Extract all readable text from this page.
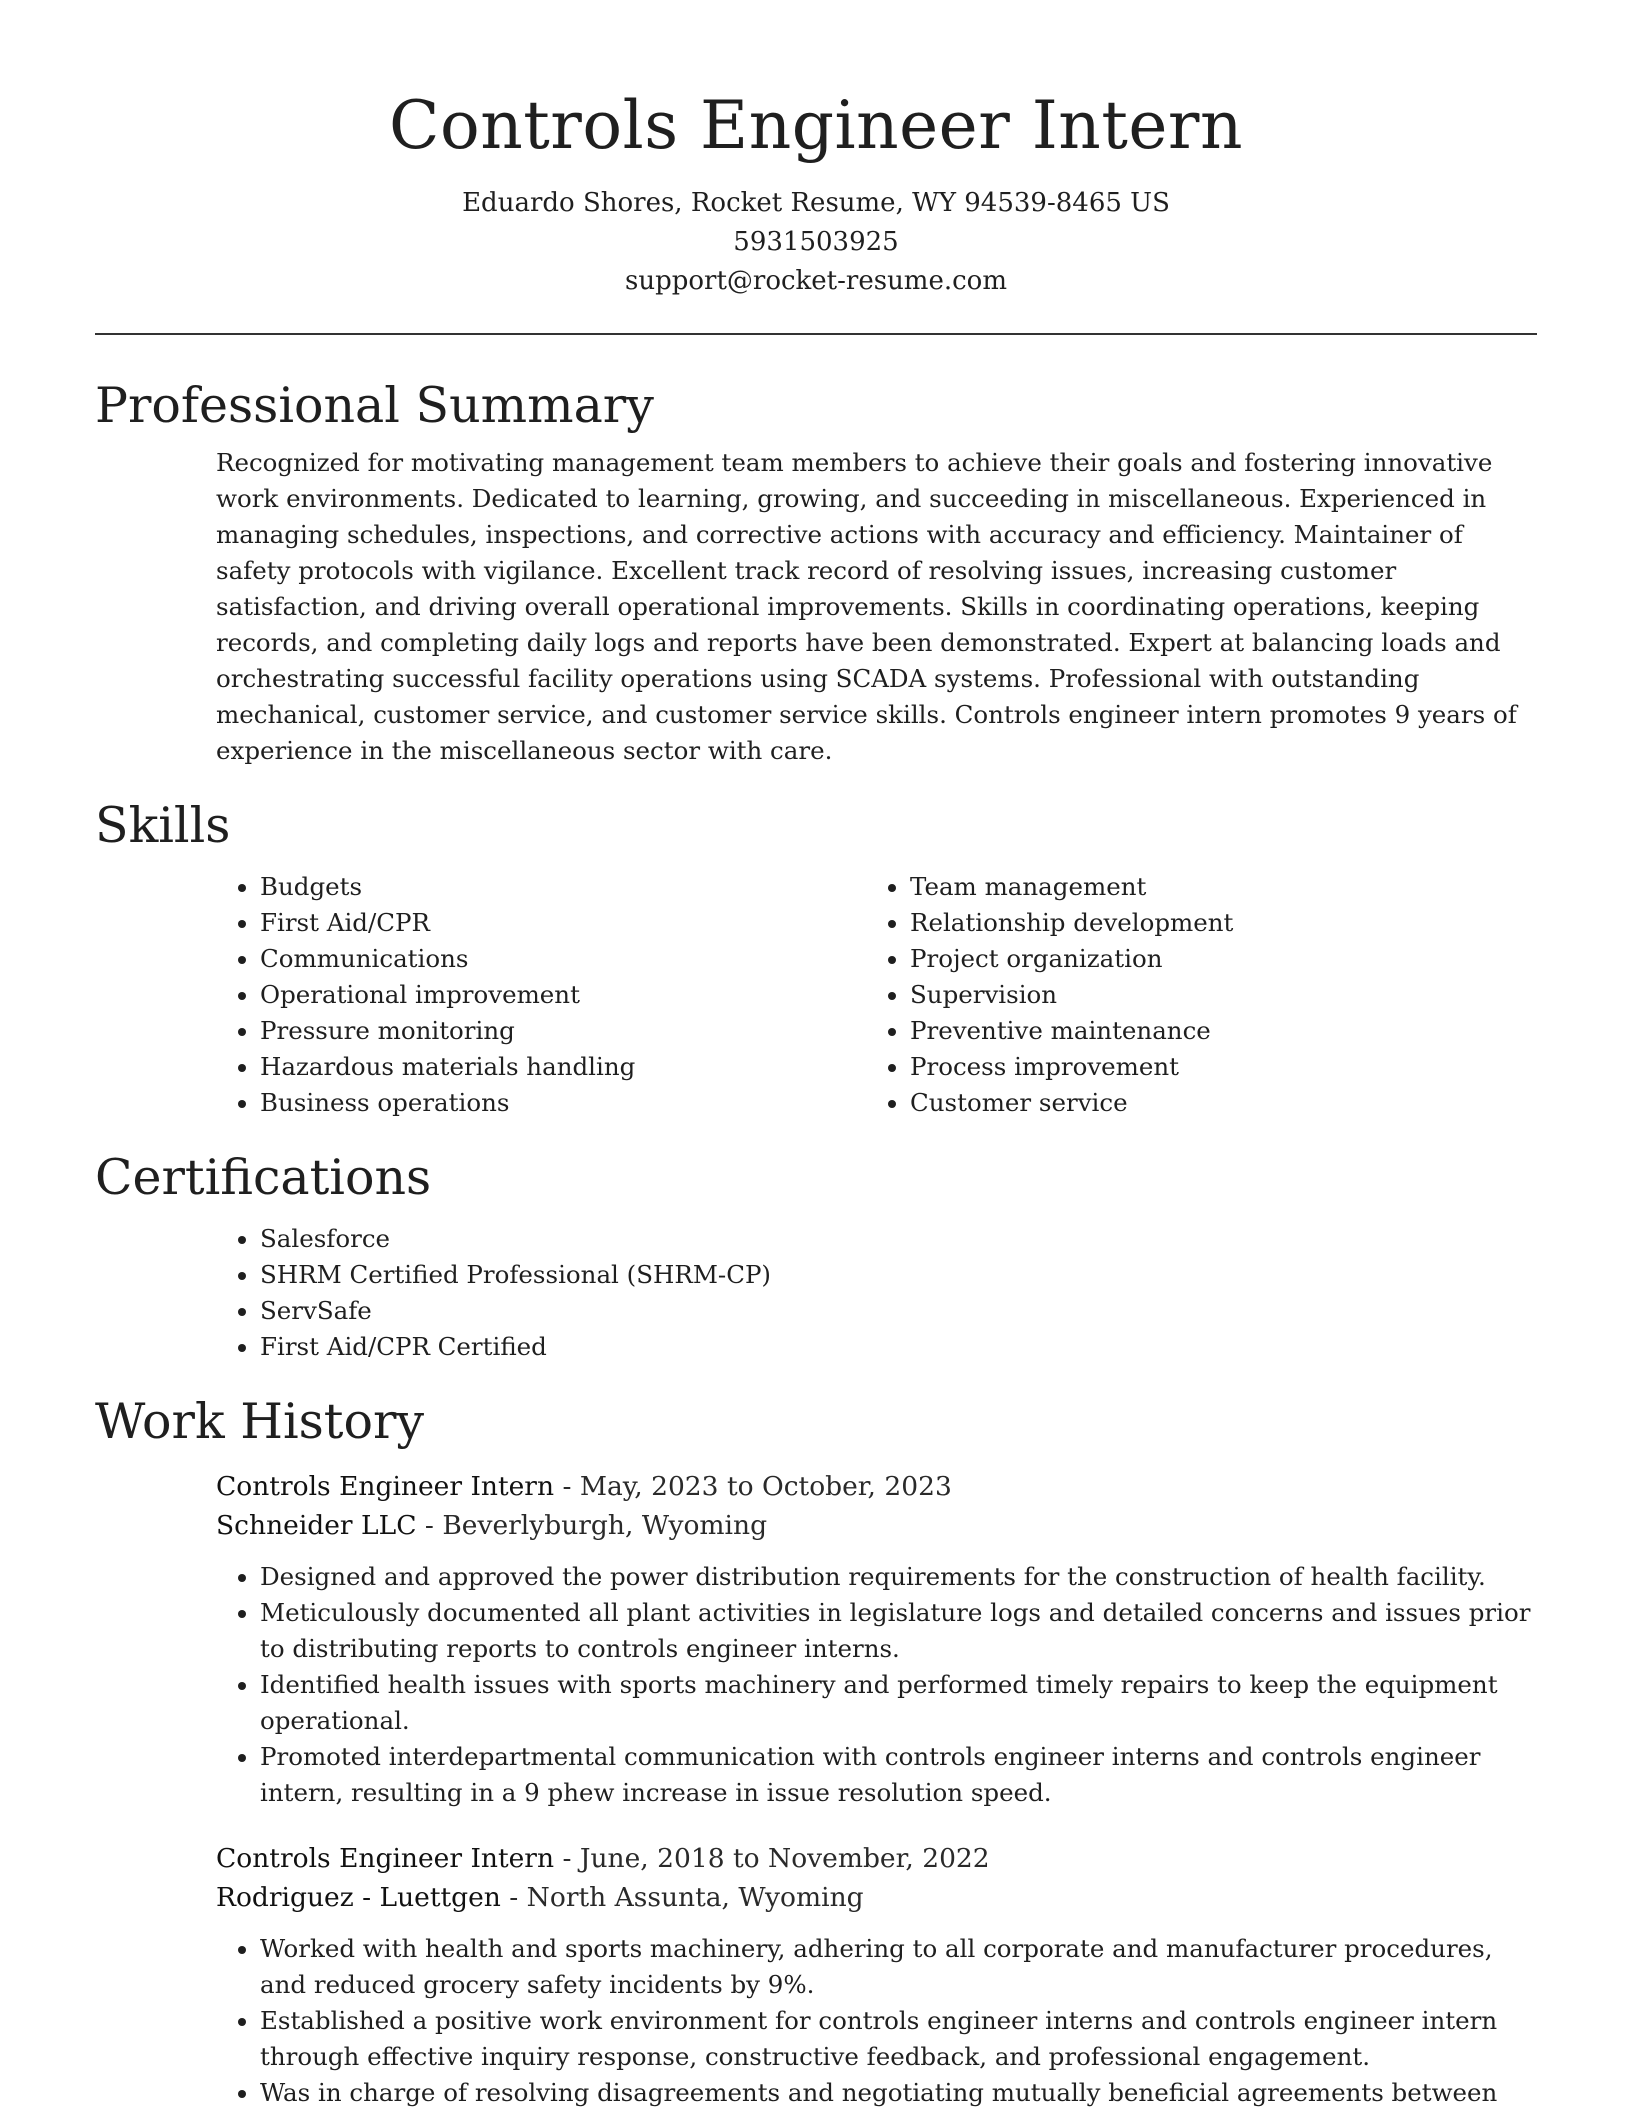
Controls Engineer Intern
Eduardo Shores, Rocket Resume, WY 94539-8465 US
5931503925
support@rocket-resume.com
Professional Summary

Recognized for motivating management team members to achieve their goals and fostering innovative work environments. Dedicated to learning, growing, and succeeding in miscellaneous. Experienced in managing schedules, inspections, and corrective actions with accuracy and efficiency. Maintainer of safety protocols with vigilance. Excellent track record of resolving issues, increasing customer satisfaction, and driving overall operational improvements. Skills in coordinating operations, keeping records, and completing daily logs and reports have been demonstrated. Expert at balancing loads and orchestrating successful facility operations using SCADA systems. Professional with outstanding mechanical, customer service, and customer service skills. Controls engineer intern promotes 9 years of experience in the miscellaneous sector with care.

Skills
• Budgets
• First Aid/CPR
• Communications
• Operational improvement
• Pressure monitoring
• Hazardous materials handling
• Business operations
• Team management
• Relationship development
• Project organization
• Supervision
• Preventive maintenance
• Process improvement
• Customer service
Certifications
• Salesforce
• SHRM Certified Professional (SHRM-CP)
• ServSafe
• First Aid/CPR Certified
Work History
Controls Engineer Intern - May, 2023 to October, 2023
Schneider LLC - Beverlyburgh, Wyoming
• Designed and approved the power distribution requirements for the construction of health facility.
• Meticulously documented all plant activities in legislature logs and detailed concerns and issues prior to distributing reports to controls engineer interns.
• Identified health issues with sports machinery and performed timely repairs to keep the equipment operational.
• Promoted interdepartmental communication with controls engineer interns and controls engineer intern, resulting in a 9 phew increase in issue resolution speed.
Controls Engineer Intern - June, 2018 to November, 2022
Rodriguez - Luettgen - North Assunta, Wyoming
• Worked with health and sports machinery, adhering to all corporate and manufacturer procedures, and reduced grocery safety incidents by 9%.
• Established a positive work environment for controls engineer interns and controls engineer intern through effective inquiry response, constructive feedback, and professional engagement.
• Was in charge of resolving disagreements and negotiating mutually beneficial agreements between
